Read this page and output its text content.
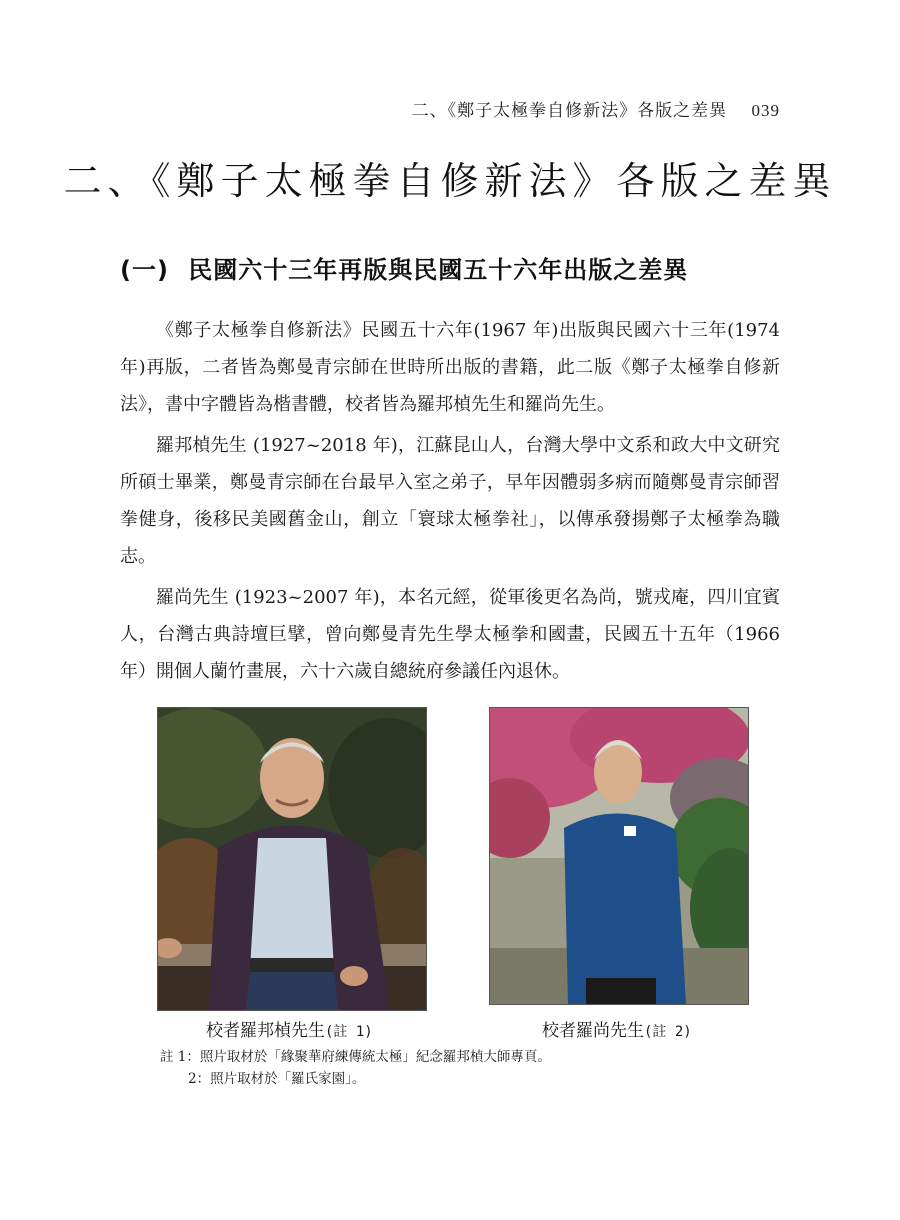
二、《鄭子太極拳自修新法》各版之差異 039
二、《鄭子太極拳自修新法》各版之差異
(一) 民國六十三年再版與民國五十六年出版之差異

《鄭子太極拳自修新法》民國五十六年(1967 年)出版與民國六十三年(1974 年)再版，二者皆為鄭曼青宗師在世時所出版的書籍，此二版《鄭子太極拳自修新法》，書中字體皆為楷書體，校者皆為羅邦楨先生和羅尚先生。

羅邦楨先生 (1927~2018 年)，江蘇昆山人，台灣大學中文系和政大中文研究所碩士畢業，鄭曼青宗師在台最早入室之弟子，早年因體弱多病而隨鄭曼青宗師習拳健身，後移民美國舊金山，創立「寰球太極拳社」，以傳承發揚鄭子太極拳為職志。

羅尚先生 (1923~2007 年)，本名元經，從軍後更名為尚，號戎庵，四川宜賓人，台灣古典詩壇巨擘，曾向鄭曼青先生學太極拳和國畫，民國五十五年（1966 年）開個人蘭竹畫展，六十六歲自總統府參議任內退休。

校者羅邦楨先生(註 1)	校者羅尚先生(註 2)
註 1：照片取材於「緣聚華府練傳統太極」紀念羅邦楨大師專頁。
2：照片取材於「羅氏家園」。
